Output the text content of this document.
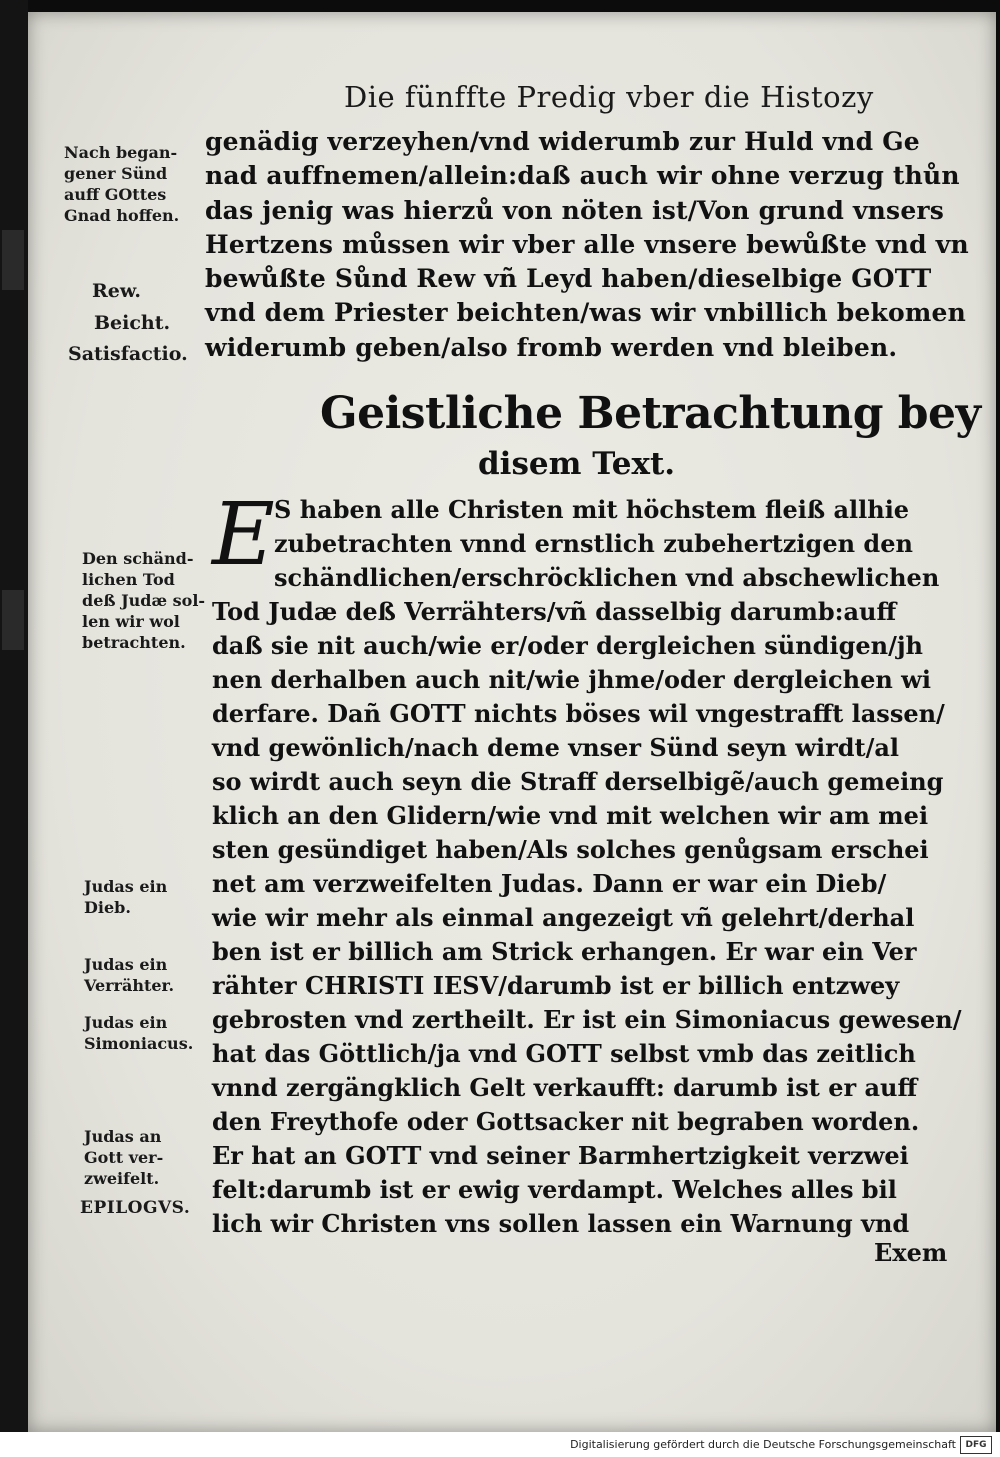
Die fünffte Predig vber die Histozy
genädig verzeyhen/vnd widerumb zur Huld vnd Ge
nad auffnemen/allein:daß auch wir ohne verzug thůn
das jenig was hierzů von nöten ist/Von grund vnsers
Hertzens můssen wir vber alle vnsere bewůßte vnd vn
bewůßte Sůnd Rew vñ Leyd haben/dieselbige GOTT
vnd dem Priester beichten/was wir vnbillich bekomen
widerumb geben/also fromb werden vnd bleiben.
Geistliche Betrachtung bey
disem Text.
E S haben alle Christen mit höchstem fleiß allhie
zubetrachten vnnd ernstlich zubehertzigen den
schändlichen/erschröcklichen vnd abschewlichen
Tod Judæ deß Verrähters/vñ dasselbig darumb:auff
daß sie nit auch/wie er/oder dergleichen sündigen/jh
nen derhalben auch nit/wie jhme/oder dergleichen wi
derfare. Dañ GOTT nichts böses wil vngestrafft lassen/
vnd gewönlich/nach deme vnser Sünd seyn wirdt/al
so wirdt auch seyn die Straff derselbigẽ/auch gemeing
klich an den Glidern/wie vnd mit welchen wir am mei
sten gesündiget haben/Als solches genůgsam erschei
net am verzweifelten Judas. Dann er war ein Dieb/
wie wir mehr als einmal angezeigt vñ gelehrt/derhal
ben ist er billich am Strick erhangen. Er war ein Ver
rähter CHRISTI IESV/darumb ist er billich entzwey
gebrosten vnd zertheilt. Er ist ein Simoniacus gewesen/
hat das Göttlich/ja vnd GOTT selbst vmb das zeitlich
vnnd zergängklich Gelt verkaufft: darumb ist er auff
den Freythofe oder Gottsacker nit begraben worden.
Er hat an GOTT vnd seiner Barmhertzigkeit verzwei
felt:darumb ist er ewig verdampt. Welches alles bil
lich wir Christen vns sollen lassen ein Warnung vnd
Exem
Nach began-
gener Sünd
auff GOttes
Gnad hoffen.
Rew.
Beicht.
Satisfactio.
Den schänd-
lichen Tod
deß Judæ sol-
len wir wol
betrachten.
Judas ein
Dieb.
Judas ein
Verrähter.
Judas ein
Simoniacus.
Judas an
Gott ver-
zweifelt.
EPILOGVS.
Digitalisierung gefördert durch die Deutsche Forschungsgemeinschaft	DFG
